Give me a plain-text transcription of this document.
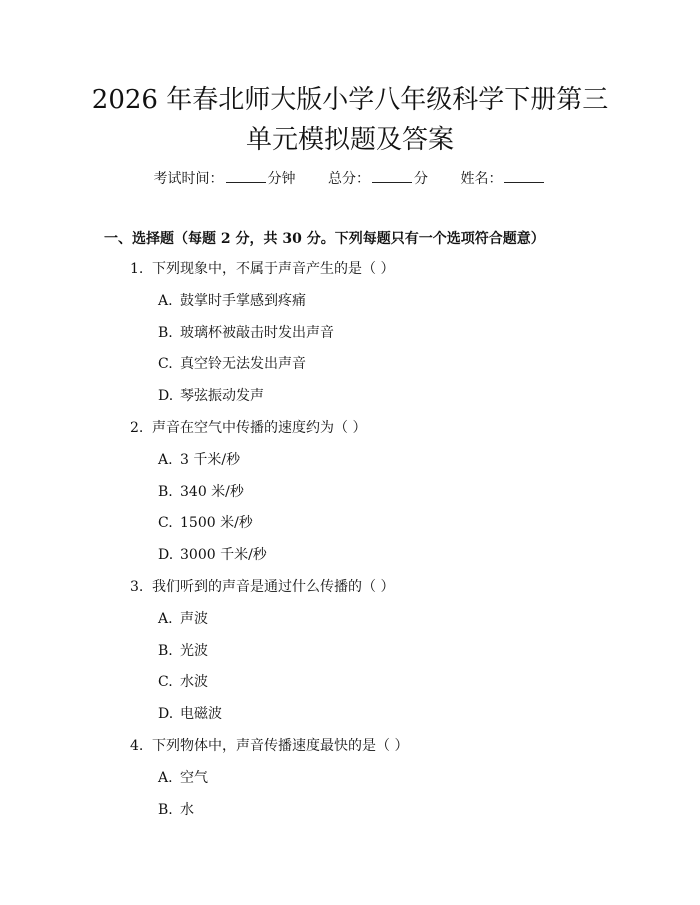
2026 年春北师大版小学八年级科学下册第三
单元模拟题及答案
考试时间：	分钟 总分：	分 姓名：
一、选择题（每题 2 分，共 30 分。下列每题只有一个选项符合题意）
1. 下列现象中，不属于声音产生的是（ ）
A. 鼓掌时手掌感到疼痛
B. 玻璃杯被敲击时发出声音
C. 真空铃无法发出声音
D. 琴弦振动发声
2. 声音在空气中传播的速度约为（ ）
A. 3 千米/秒
B. 340 米/秒
C. 1500 米/秒
D. 3000 千米/秒
3. 我们听到的声音是通过什么传播的（ ）
A. 声波
B. 光波
C. 水波
D. 电磁波
4. 下列物体中，声音传播速度最快的是（ ）
A. 空气
B. 水
